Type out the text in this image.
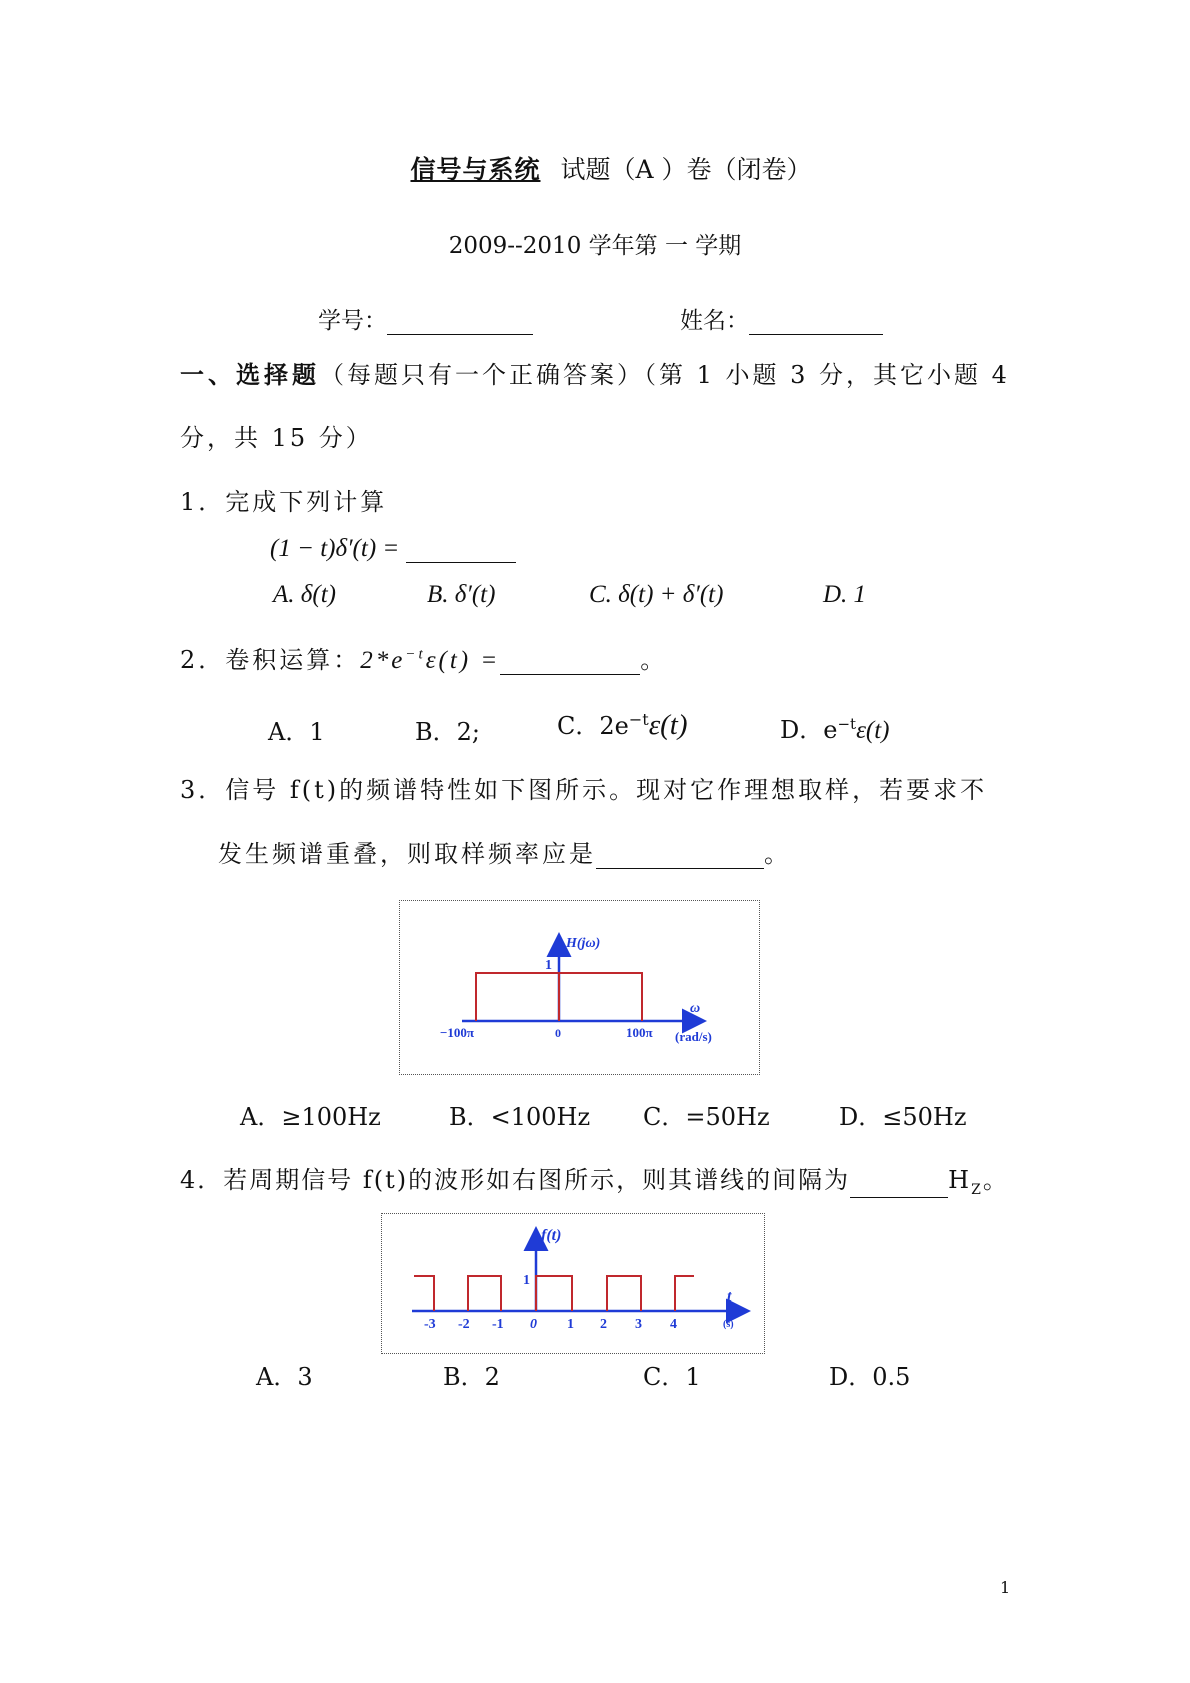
信号与系统 试题（A ）卷（闭卷）
2009--2010 学年第 一 学期
学号：	姓名：
一、选择题（每题只有一个正确答案）（第 1 小题 3 分，其它小题 4
分，共 15 分）
1．完成下列计算
(1 − t)δ′(t) =
A. δ(t)	B. δ′(t)	C. δ(t) + δ′(t)	D. 1
2．卷积运算：$2*e^{-t}\varepsilon(t)$ =	。
A．1	B．2;	C．$2e^{-t}\varepsilon(t)$	D．$e^{-t}\varepsilon(t)$
3．信号 f(t)的频谱特性如下图所示。现对它作理想取样，若要求不
发生频谱重叠，则取样频率应是	。
H(jω)
1
ω
(rad/s)
−100π	0	100π
A．≥100Hz	B．<100Hz C．=50Hz	D．≤50Hz
4．若周期信号 f(t)的波形如右图所示，则其谱线的间隔为	$H_Z$。
f(t)
1
t
(s)
-3 -2 -1 0 1 2 3 4
A．3	B．2	C．1	D．0.5
1
